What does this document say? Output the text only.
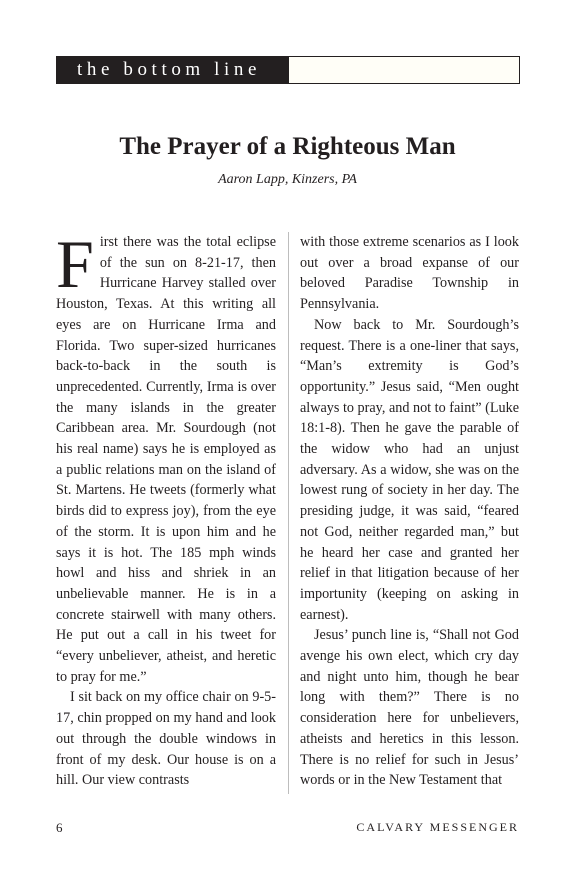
the bottom line
The Prayer of a Righteous Man
Aaron Lapp, Kinzers, PA

First there was the total eclipse of the sun on 8-21-17, then Hurricane Harvey stalled over Houston, Texas. At this writing all eyes are on Hurricane Irma and Florida. Two super-sized hurricanes back-to-back in the south is unprecedented. Currently, Irma is over the many islands in the greater Caribbean area. Mr. Sourdough (not his real name) says he is employed as a public relations man on the island of St. Martens. He tweets (formerly what birds did to express joy), from the eye of the storm. It is upon him and he says it is hot. The 185 mph winds howl and hiss and shriek in an unbelievable manner. He is in a concrete stairwell with many others. He put out a call in his tweet for “every unbeliever, atheist, and heretic to pray for me.”

I sit back on my office chair on 9-5-17, chin propped on my hand and look out through the double windows in front of my desk. Our house is on a hill. Our view contrasts

with those extreme scenarios as I look out over a broad expanse of our beloved Paradise Township in Pennsylvania.

Now back to Mr. Sourdough’s request. There is a one-liner that says, “Man’s extremity is God’s opportunity.” Jesus said, “Men ought always to pray, and not to faint” (Luke 18:1-8). Then he gave the parable of the widow who had an unjust adversary. As a widow, she was on the lowest rung of society in her day. The presiding judge, it was said, “feared not God, neither regarded man,” but he heard her case and granted her relief in that litigation because of her importunity (keeping on asking in earnest).

Jesus’ punch line is, “Shall not God avenge his own elect, which cry day and night unto him, though he bear long with them?” There is no consideration here for unbelievers, atheists and heretics in this lesson. There is no relief for such in Jesus’ words or in the New Testament that

6	CALVARY MESSENGER
